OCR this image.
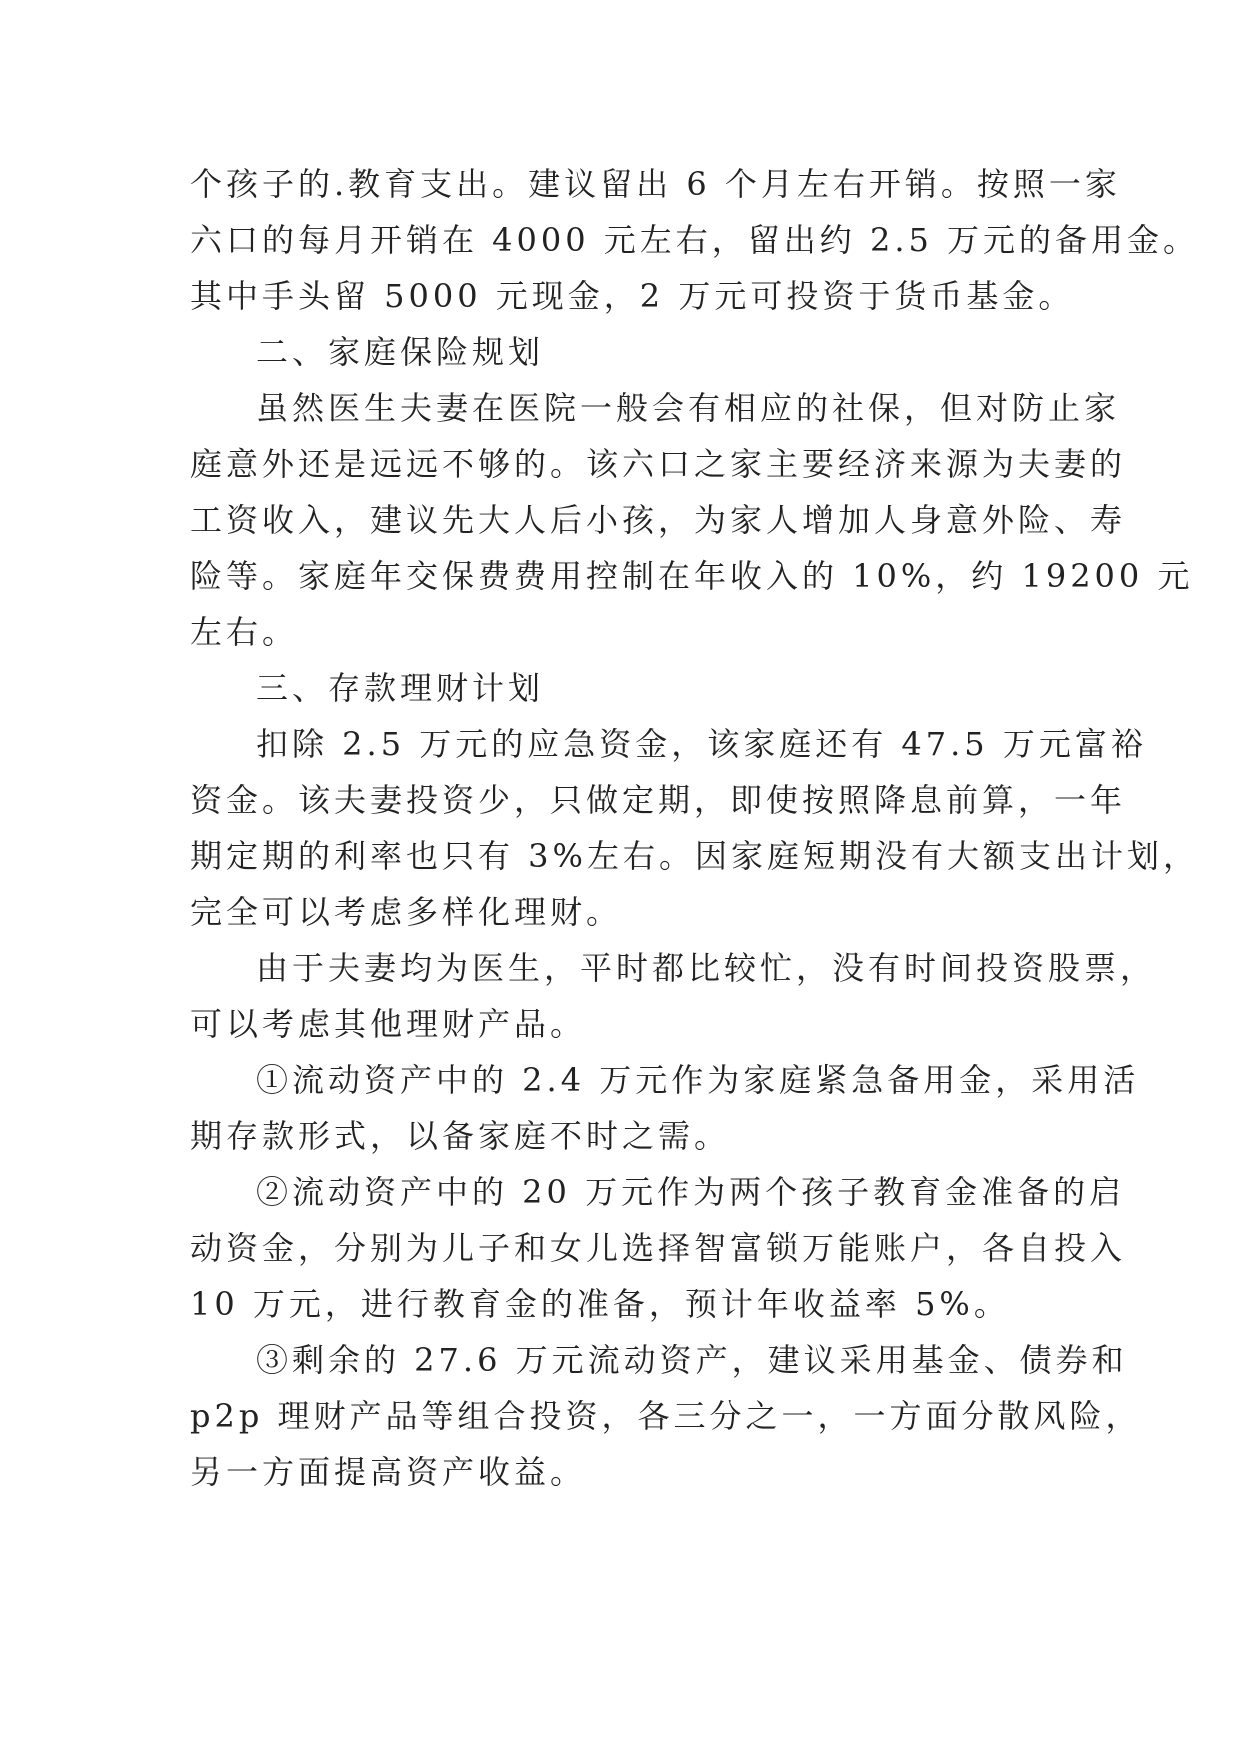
个孩子的.教育支出。建议留出 6 个月左右开销。按照一家
六口的每月开销在 4000 元左右，留出约 2.5 万元的备用金。
其中手头留 5000 元现金，2 万元可投资于货币基金。
二、家庭保险规划
虽然医生夫妻在医院一般会有相应的社保，但对防止家
庭意外还是远远不够的。该六口之家主要经济来源为夫妻的
工资收入，建议先大人后小孩，为家人增加人身意外险、寿
险等。家庭年交保费费用控制在年收入的 10%，约 19200 元
左右。
三、存款理财计划
扣除 2.5 万元的应急资金，该家庭还有 47.5 万元富裕
资金。该夫妻投资少，只做定期，即使按照降息前算，一年
期定期的利率也只有 3%左右。因家庭短期没有大额支出计划，
完全可以考虑多样化理财。
由于夫妻均为医生，平时都比较忙，没有时间投资股票，
可以考虑其他理财产品。
①流动资产中的 2.4 万元作为家庭紧急备用金，采用活
期存款形式，以备家庭不时之需。
②流动资产中的 20 万元作为两个孩子教育金准备的启
动资金，分别为儿子和女儿选择智富锁万能账户，各自投入
10 万元，进行教育金的准备，预计年收益率 5%。
③剩余的 27.6 万元流动资产，建议采用基金、债券和
p2p 理财产品等组合投资，各三分之一，一方面分散风险，
另一方面提高资产收益。
